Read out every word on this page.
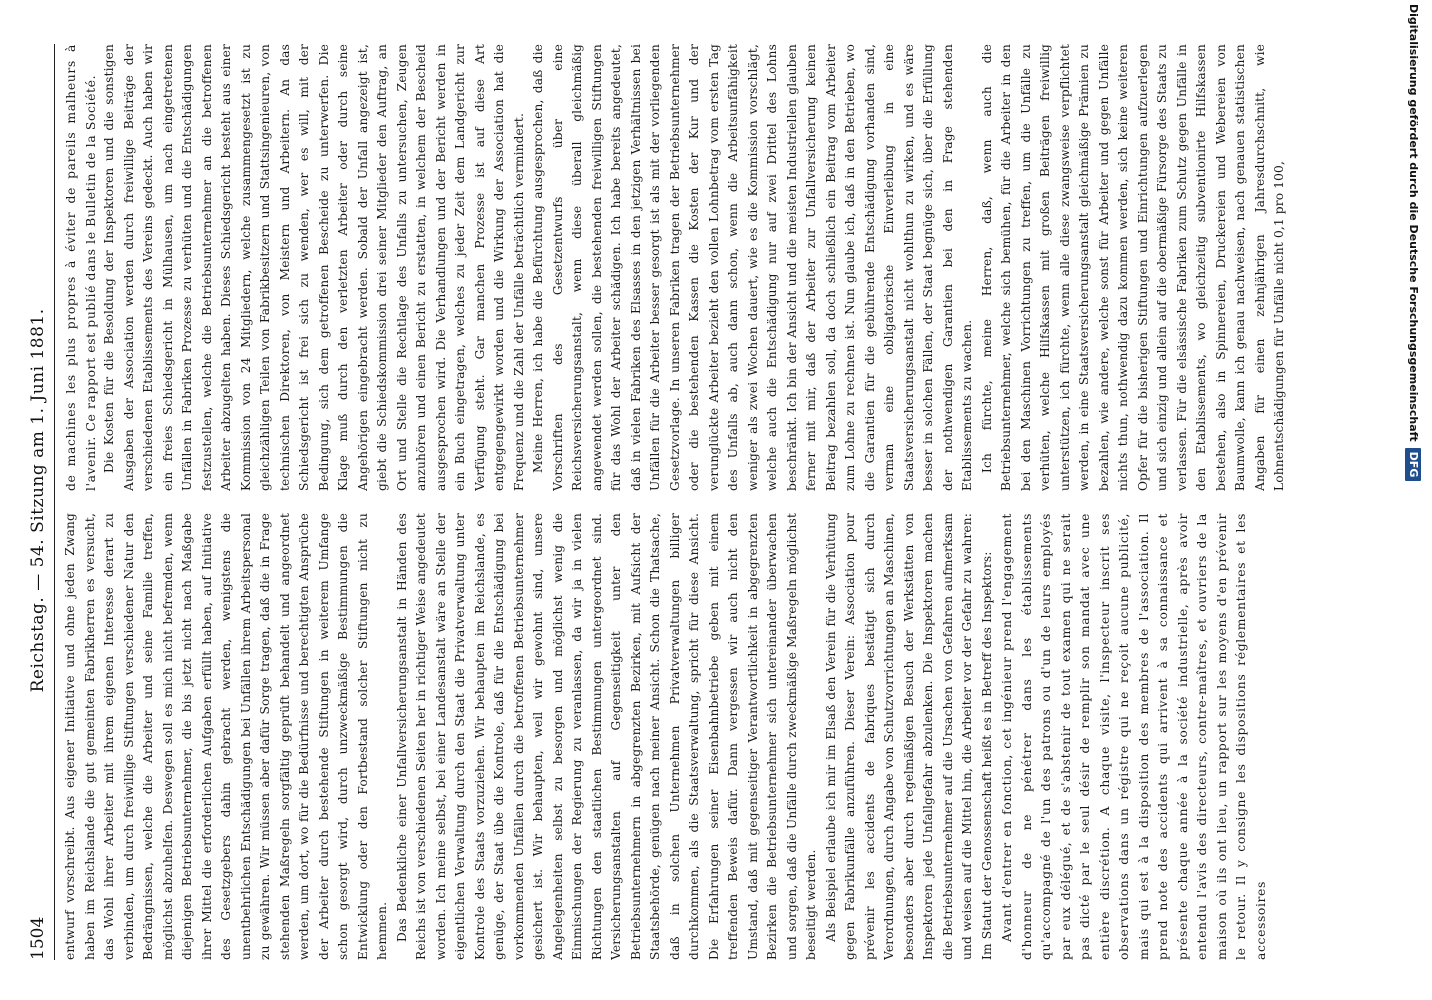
1504
Reichstag. — 54. Sitzung am 1. Juni 1881.

entwurf vorschreibt. Aus eigener Initiative und ohne jeden Zwang haben im Reichslande die gut gemeinten Fabrikherren es versucht, das Wohl ihrer Arbeiter mit ihrem eigenen Interesse derart zu verbinden, um durch freiwillige Stiftungen verschiedener Natur den Bedrängnissen, welche die Arbeiter und seine Familie treffen, möglichst abzuhelfen. Deswegen soll es mich nicht befremden, wenn diejenigen Betriebsunternehmer, die bis jetzt nicht nach Maßgabe ihrer Mittel die erforderlichen Aufgaben erfüllt haben, auf Initiative des Gesetzgebers dahin gebracht werden, wenigstens die unentbehrlichen Entschädigungen bei Unfällen ihrem Arbeitspersonal zu gewähren. Wir müssen aber dafür Sorge tragen, daß die in Frage stehenden Maßregeln sorgfältig geprüft behandelt und angeordnet werden, um dort, wo für die Bedürfnisse und berechtigten Ansprüche der Arbeiter durch bestehende Stiftungen in weiterem Umfange schon gesorgt wird, durch unzweckmäßige Bestimmungen die Entwicklung oder den Fortbestand solcher Stiftungen nicht zu hemmen. Das Bedenkliche einer Unfallversicherungsanstalt in Händen des Reichs ist von verschiedenen Seiten her in richtiger Weise angedeutet worden. Ich meine selbst, bei einer Landesanstalt wäre an Stelle der eigentlichen Verwaltung durch den Staat die Privatverwaltung unter Kontrole des Staats vorzuziehen. Wir behaupten im Reichslande, es genüge, der Staat übe die Kontrole, daß für die Entschädigung bei vorkommenden Unfällen durch die betroffenen Betriebsunternehmer gesichert ist. Wir behaupten, weil wir gewohnt sind, unsere Angelegenheiten selbst zu besorgen und möglichst wenig die Einmischungen der Regierung zu veranlassen, da wir ja in vielen Richtungen den staatlichen Bestimmungen untergeordnet sind. Versicherungsanstalten auf Gegenseitigkeit unter den Betriebsunternehmern in abgegrenzten Bezirken, mit Aufsicht der Staatsbehörde, genügen nach meiner Ansicht. Schon die Thatsache, daß in solchen Unternehmen Privatverwaltungen billiger durchkommen, als die Staatsverwaltung, spricht für diese Ansicht. Die Erfahrungen seiner Eisenbahnbetriebe geben mit einem treffenden Beweis dafür. Dann vergessen wir auch nicht den Umstand, daß mit gegenseitiger Verantwortlichkeit in abgegrenzten Bezirken die Betriebsunternehmer sich untereinander überwachen und sorgen, daß die Unfälle durch zweckmäßige Maßregeln möglichst beseitigt werden. Als Beispiel erlaube ich mir im Elsaß den Verein für die Verhütung gegen Fabrikunfälle anzuführen. Dieser Verein: Association pour prévenir les accidents de fabriques bestätigt sich durch Verordnungen, durch Angabe von Schutzvorrichtungen an Maschinen, besonders aber durch regelmäßigen Besuch der Werkstätten von Inspektoren jede Unfallgefahr abzulenken. Die Inspektoren machen die Betriebsunternehmer auf die Ursachen von Gefahren aufmerksam und weisen auf die Mittel hin, die Arbeiter vor der Gefahr zu wahren: Im Statut der Genossenschaft heißt es in Betreff des Inspektors: Avant d'entrer en fonction, cet ingénieur prend l'engagement d'honneur de ne pénétrer dans les établissements qu'accompagné de l'un des patrons ou d'un de leurs employés par eux délégué, et de s'abstenir de tout examen qui ne serait pas dicté par le seul désir de remplir son mandat avec une entière discrétion. A chaque visite, l'inspecteur inscrit ses observations dans un régistre qui ne reçoit aucune publicité, mais qui est à la disposition des membres de l'association. Il prend note des accidents qui arrivent à sa connaissance et présente chaque année à la société industrielle, après avoir entendu l'avis des directeurs, contre-maîtres, et ouvriers de la maison où ils ont lieu, un rapport sur les moyens d'en prévenir le retour. Il y consigne les dispositions réglementaires et les accessoires

de machines les plus propres à éviter de pareils malheurs à l'avenir. Ce rapport est publié dans le Bulletin de la Société. Die Kosten für die Besoldung der Inspektoren und die sonstigen Ausgaben der Association werden durch freiwillige Beiträge der verschiedenen Etablissements des Vereins gedeckt. Auch haben wir ein freies Schiedsgericht in Mülhausen, um nach eingetretenen Unfällen in Fabriken Prozesse zu verhüten und die Entschädigungen festzustellen, welche die Betriebsunternehmer an die betroffenen Arbeiter abzugelten haben. Dieses Schiedsgericht besteht aus einer Kommission von 24 Mitgliedern, welche zusammengesetzt ist zu gleichzähligen Teilen von Fabrikbesitzern und Stattsingenieuren, von technischen Direktoren, von Meistern und Arbeitern. An das Schiedsgericht ist frei sich zu wenden, wer es will, mit der Bedingung, sich dem getroffenen Bescheide zu unterwerfen. Die Klage muß durch den verletzten Arbeiter oder durch seine Angehörigen eingebracht werden. Sobald der Unfall angezeigt ist, giebt die Schiedskommission drei seiner Mitglieder den Auftrag, an Ort und Stelle die Rechtlage des Unfalls zu untersuchen, Zeugen anzuhören und einen Bericht zu erstatten, in welchem der Bescheid ausgesprochen wird. Die Verhandlungen und der Bericht werden in ein Buch eingetragen, welches zu jeder Zeit dem Landgericht zur Verfügung steht. Gar manchen Prozesse ist auf diese Art entgegengewirkt worden und die Wirkung der Association hat die Frequenz und die Zahl der Unfälle beträchtlich vermindert. Meine Herren, ich habe die Befürchtung ausgesprochen, daß die Vorschriften des Gesetzentwurfs über eine Reichsversicherungsanstalt, wenn diese überall gleichmäßig angewendet werden sollen, die bestehenden freiwilligen Stiftungen für das Wohl der Arbeiter schädigen. Ich habe bereits angedeutet, daß in vielen Fabriken des Elsasses in den jetzigen Verhältnissen bei Unfällen für die Arbeiter besser gesorgt ist als mit der vorliegenden Gesetzvorlage. In unseren Fabriken tragen der Betriebsunternehmer oder die bestehenden Kassen die Kosten der Kur und der verunglückte Arbeiter bezieht den vollen Lohnbetrag vom ersten Tag des Unfalls ab, auch dann schon, wenn die Arbeitsunfähigkeit weniger als zwei Wochen dauert, wie es die Kommission vorschlägt, welche auch die Entschädigung nur auf zwei Drittel des Lohns beschränkt. Ich bin der Ansicht und die meisten Industriellen glauben ferner mit mir, daß der Arbeiter zur Unfallversicherung keinen Beitrag bezahlen soll, da doch schließlich ein Beitrag vom Arbeiter zum Lohne zu rechnen ist. Nun glaube ich, daß in den Betrieben, wo die Garantien für die gebührende Entschädigung vorhanden sind, verman eine obligatorische Einverleibung in eine Staatsversicherungsanstalt nicht wohlthun zu wirken, und es wäre besser in solchen Fällen, der Staat begnüge sich, über die Erfüllung der nothwendigen Garantien bei den in Frage stehenden Etablissements zu wachen. Ich fürchte, meine Herren, daß, wenn auch die Betriebsunternehmer, welche sich bemühen, für die Arbeiter in den bei den Maschinen Vorrichtungen zu treffen, um die Unfälle zu verhüten, welche Hilfskassen mit großen Beiträgen freiwillig unterstützen, ich fürchte, wenn alle diese zwangsweise verpflichtet werden, in eine Staatsversicherungsanstalt gleichmäßige Prämien zu bezahlen, wie andere, welche sonst für Arbeiter und gegen Unfälle nichts thun, nothwendig dazu kommen werden, sich keine weiteren Opfer für die bisherigen Stiftungen und Einrichtungen aufzuerlegen und sich einzig und allein auf die obermäßige Fürsorge des Staats zu verlassen. Für die elsässische Fabriken zum Schutz gegen Unfälle in den Etablissements, wo gleichzeitig subventionirte Hilfskassen bestehen, also in Spinnereien, Druckereien und Webereien von Baumwolle, kann ich genau nachweisen, nach genauen statistischen Angaben für einen zehnjährigen Jahresdurchschnitt, wie Lohnentschädigungen für Unfälle nicht 0,1 pro 100,	Digitalisierung gefördert durch die Deutsche Forschungsgemeinschaft
DFG
